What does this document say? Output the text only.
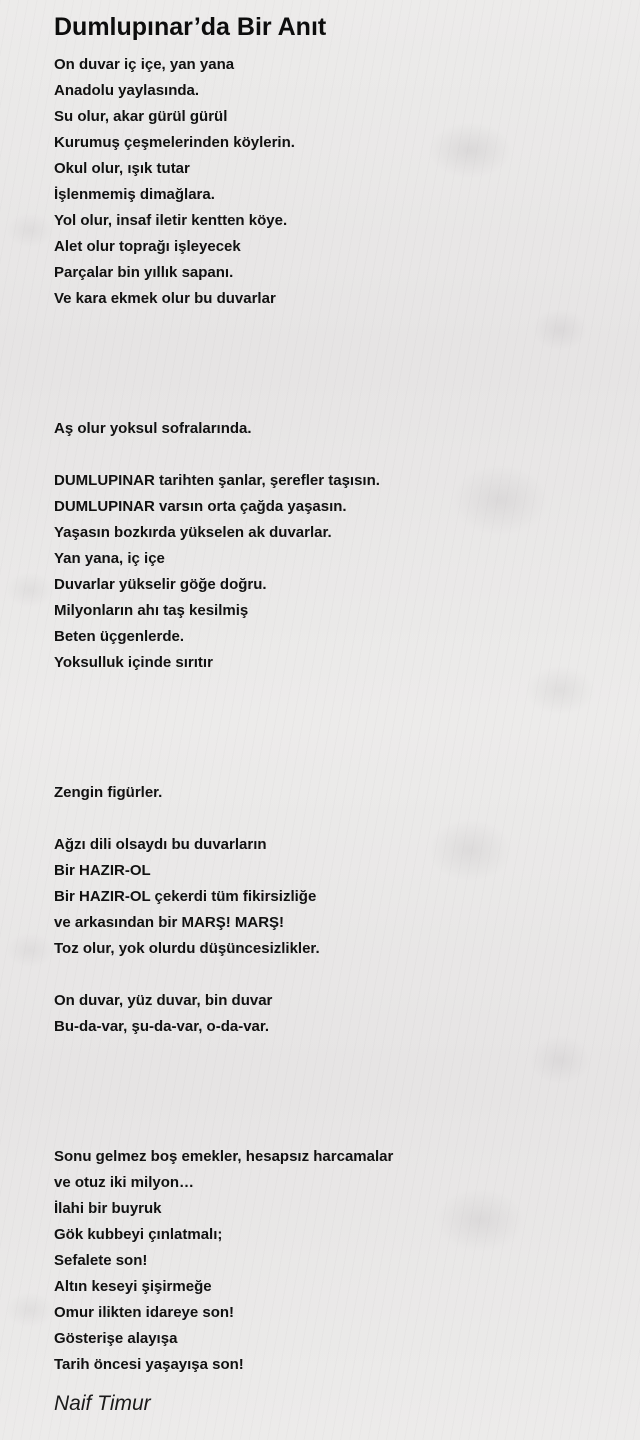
Dumlupınar’da Bir Anıt
On duvar iç içe, yan yana
Anadolu yaylasında.
Su olur, akar gürül gürül
Kurumuş çeşmelerinden köylerin.
Okul olur, ışık tutar
İşlenmemiş dimağlara.
Yol olur, insaf iletir kentten köye.
Alet olur toprağı işleyecek
Parçalar bin yıllık sapanı.
Ve kara ekmek olur bu duvarlar
Aş olur yoksul sofralarında.
DUMLUPINAR tarihten şanlar, şerefler taşısın.
DUMLUPINAR varsın orta çağda yaşasın.
Yaşasın bozkırda yükselen ak duvarlar.
Yan yana, iç içe
Duvarlar yükselir göğe doğru.
Milyonların ahı taş kesilmiş
Beten üçgenlerde.
Yoksulluk içinde sırıtır
Zengin figürler.
Ağzı dili olsaydı bu duvarların
Bir HAZIR-OL
Bir HAZIR-OL çekerdi tüm fikirsizliğe
ve arkasından bir MARŞ! MARŞ!
Toz olur, yok olurdu düşüncesizlikler.
On duvar, yüz duvar, bin duvar
Bu-da-var, şu-da-var, o-da-var.
Sonu gelmez boş emekler, hesapsız harcamalar
ve otuz iki milyon…
İlahi bir buyruk
Gök kubbeyi çınlatmalı;
Sefalete son!
Altın keseyi şişirmeğe
Omur ilikten idareye son!
Gösterişe alayışa
Tarih öncesi yaşayışa son!
Naif Timur
